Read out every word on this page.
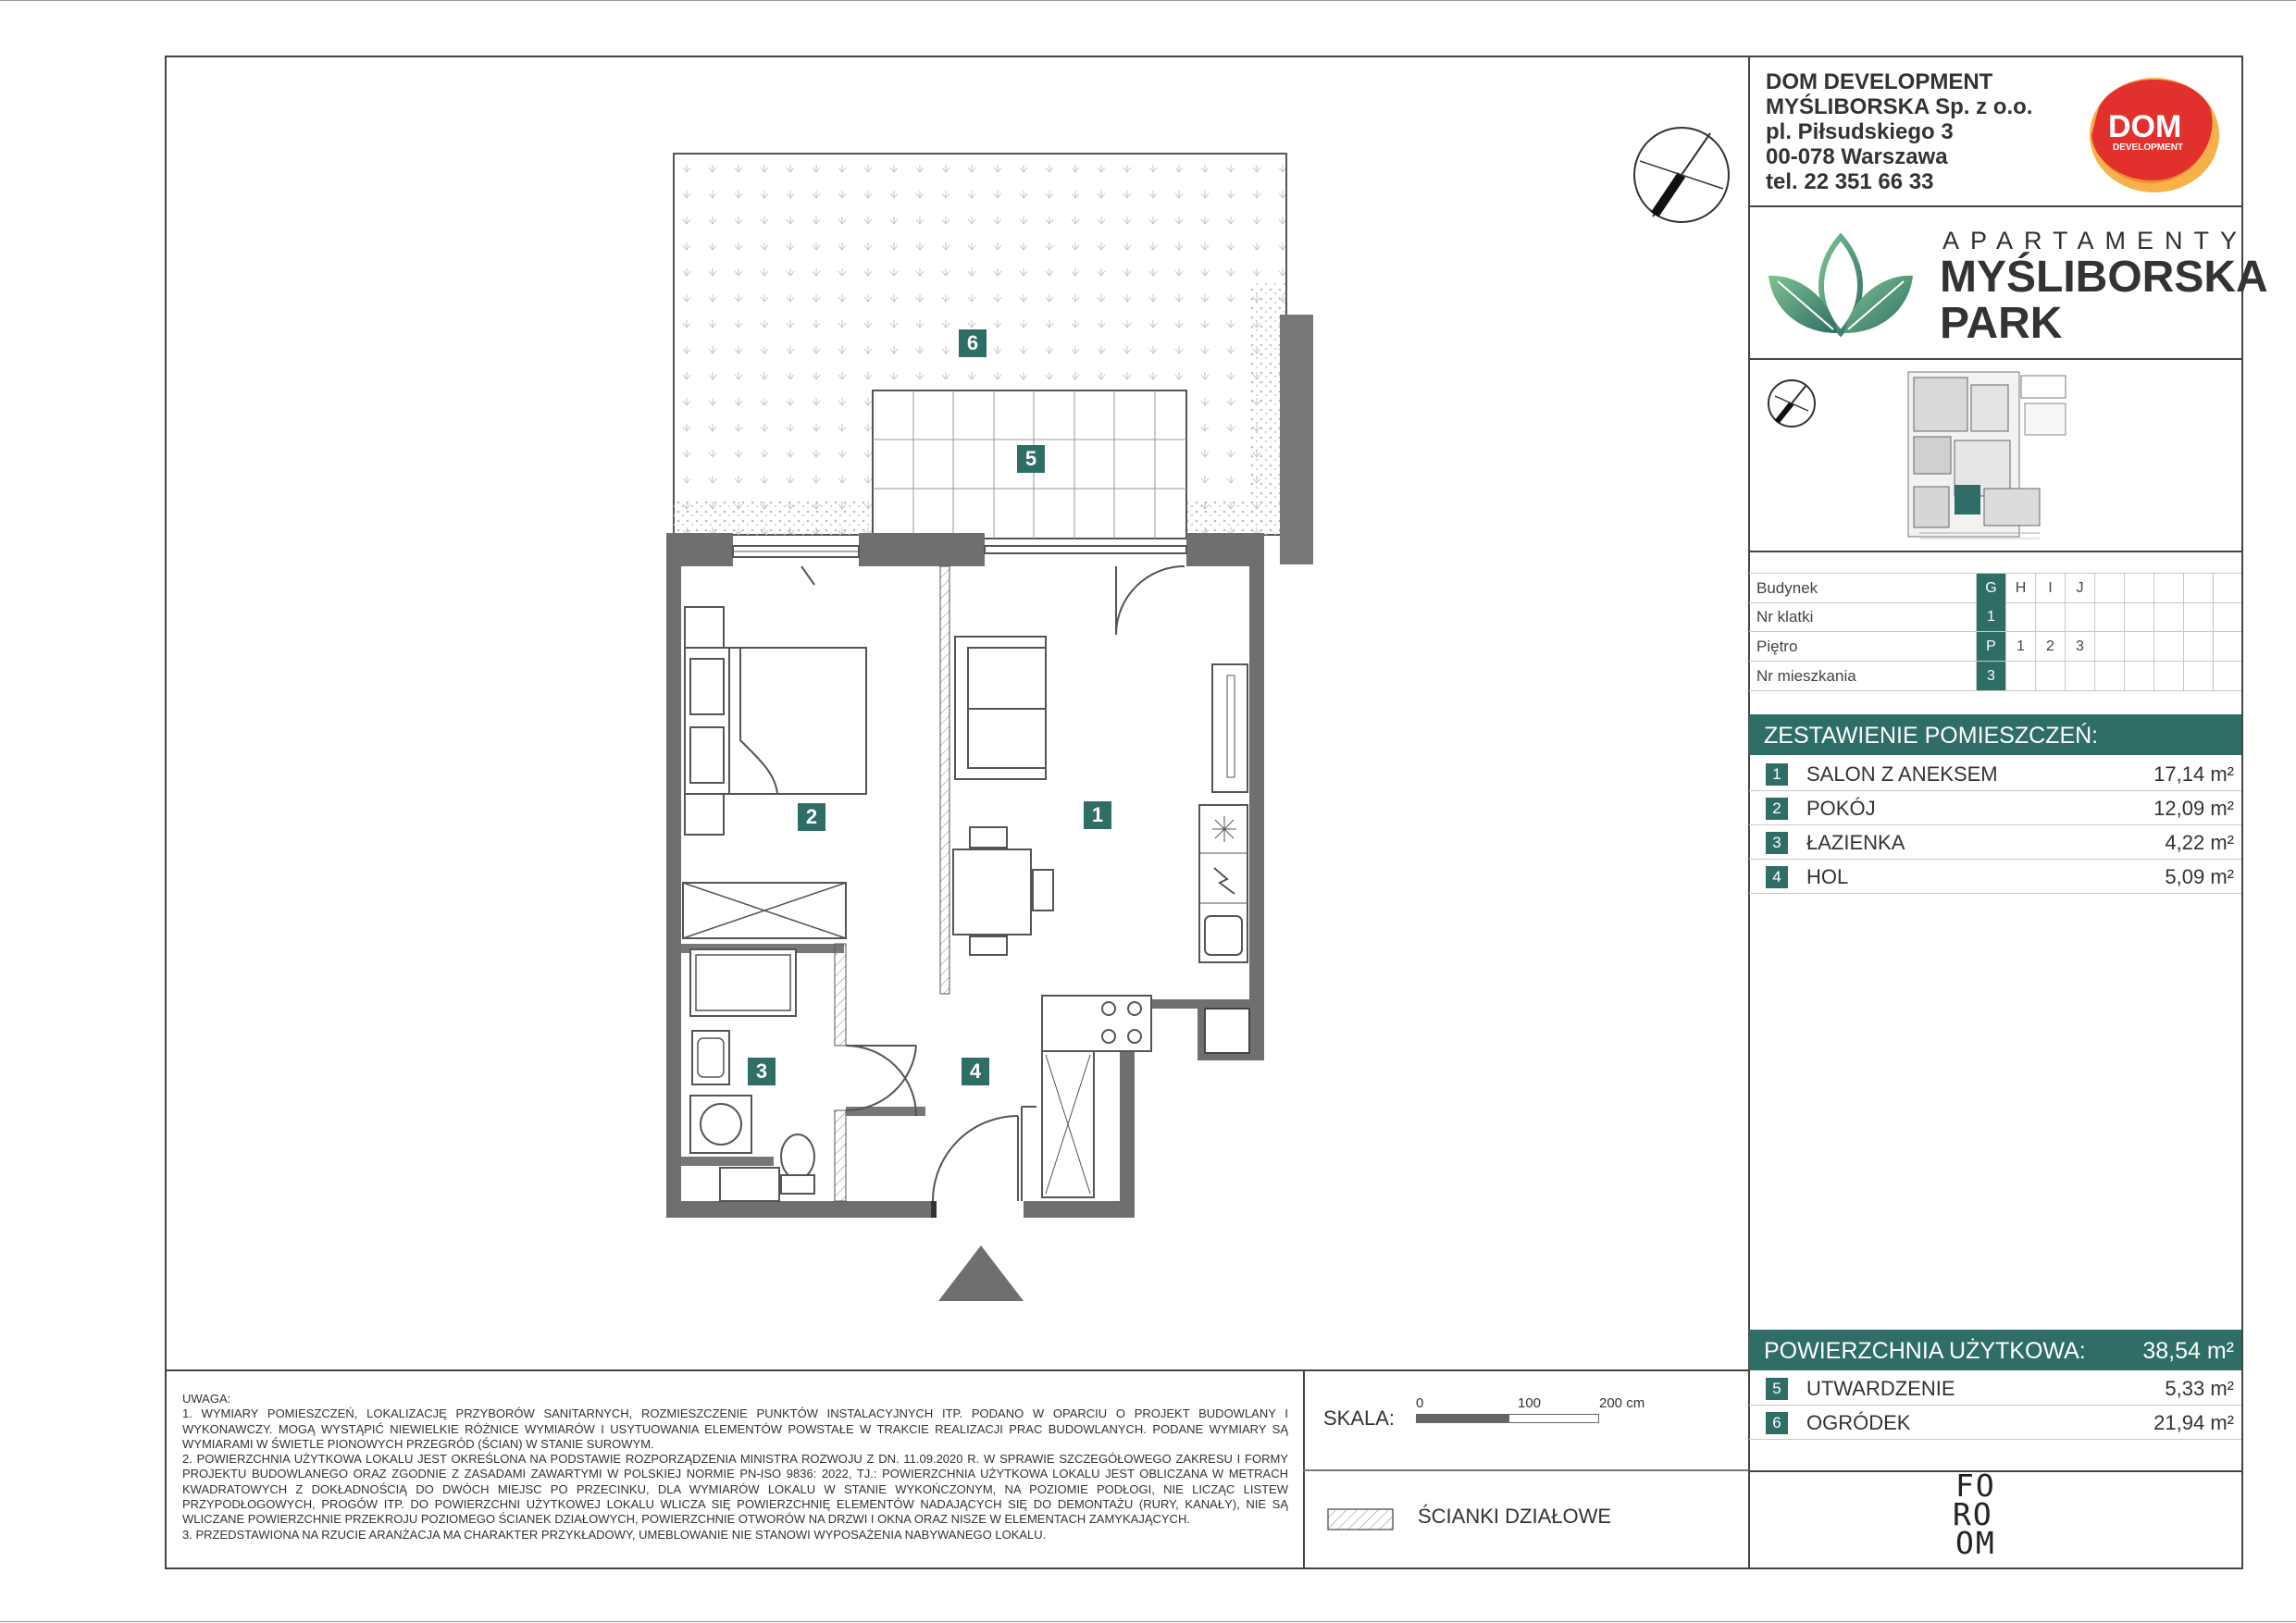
DOM DEVELOPMENT
MYŚLIBORSKA Sp. z o.o.
pl. Piłsudskiego 3
00-078 Warszawa
tel. 22 351 66 33
DOM
DEVELOPMENT
APARTAMENTY
MYŚLIBORSKA
PARK
Budynek	G	H	I	J
Nr klatki	1
Piętro	P	1	2	3
Nr mieszkania	3
ZESTAWIENIE POMIESZCZEŃ:
1	SALON Z ANEKSEM	17,14 m²
2	POKÓJ	12,09 m²
3	ŁAZIENKA	4,22 m²
4	HOL	5,09 m²
POWIERZCHNIA UŻYTKOWA: 38,54 m²
5	UTWARDZENIE	5,33 m²
6	OGRÓDEK	21,94 m²
FO
RO
OM
6
5
1
2
3	4

UWAGA:

1. WYMIARY POMIESZCZEŃ, LOKALIZACJĘ PRZYBORÓW SANITARNYCH, ROZMIESZCZENIE PUNKTÓW INSTALACYJNYCH ITP. PODANO W OPARCIU O PROJEKT BUDOWLANY I WYKONAWCZY. MOGĄ WYSTĄPIĆ NIEWIELKIE RÓŻNICE WYMIARÓW I USYTUOWANIA ELEMENTÓW POWSTAŁE W TRAKCIE REALIZACJI PRAC BUDOWLANYCH. PODANE WYMIARY SĄ WYMIARAMI W ŚWIETLE PIONOWYCH PRZEGRÓD (ŚCIAN) W STANIE SUROWYM.

2. POWIERZCHNIA UŻYTKOWA LOKALU JEST OKREŚLONA NA PODSTAWIE ROZPORZĄDZENIA MINISTRA ROZWOJU Z DN. 11.09.2020 R. W SPRAWIE SZCZEGÓŁOWEGO ZAKRESU I FORMY PROJEKTU BUDOWLANEGO ORAZ ZGODNIE Z ZASADAMI ZAWARTYMI W POLSKIEJ NORMIE PN-ISO 9836: 2022, TJ.: POWIERZCHNIA UŻYTKOWA LOKALU JEST OBLICZANA W METRACH KWADRATOWYCH Z DOKŁADNOŚCIĄ DO DWÓCH MIEJSC PO PRZECINKU, DLA WYMIARÓW LOKALU W STANIE WYKOŃCZONYM, NA POZIOMIE PODŁOGI, NIE LICZĄC LISTEW PRZYPODŁOGOWYCH, PROGÓW ITP. DO POWIERZCHNI UŻYTKOWEJ LOKALU WLICZA SIĘ POWIERZCHNIĘ ELEMENTÓW NADAJĄCYCH SIĘ DO DEMONTAŻU (RURY, KANAŁY), NIE SĄ WLICZANE POWIERZCHNIE PRZEKROJU POZIOMEGO ŚCIANEK DZIAŁOWYCH, POWIERZCHNIE OTWORÓW NA DRZWI I OKNA ORAZ NISZE W ELEMENTACH ZAMYKAJĄCYCH.

3. PRZEDSTAWIONA NA RZUCIE ARANŻACJA MA CHARAKTER PRZYKŁADOWY, UMEBLOWANIE NIE STANOWI WYPOSAŻENIA NABYWANEGO LOKALU.

SKALA:
0	100	200 cm
ŚCIANKI DZIAŁOWE
